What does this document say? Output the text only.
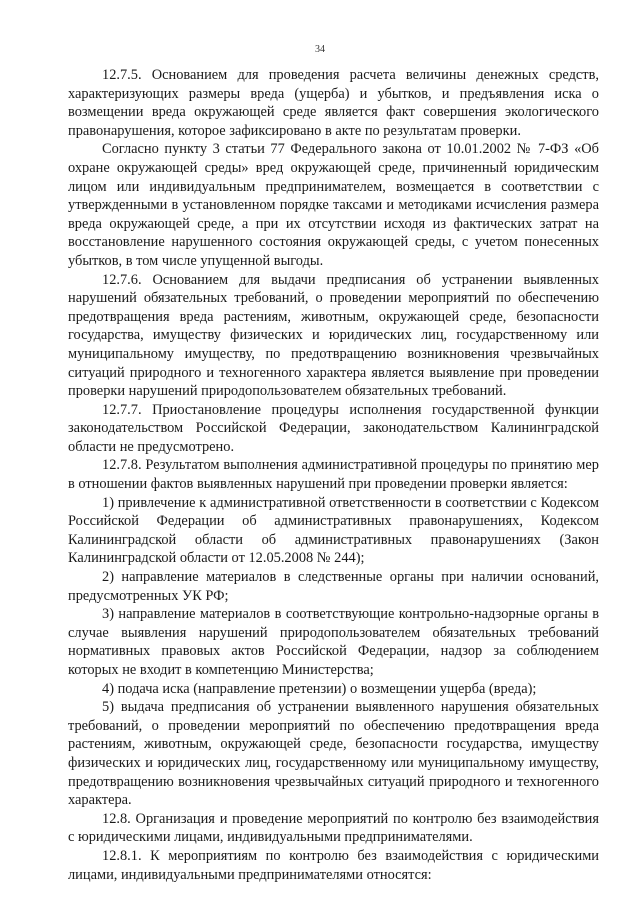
34

12.7.5. Основанием для проведения расчета величины денежных средств, характеризующих размеры вреда (ущерба) и убытков, и предъявления иска о возмещении вреда окружающей среде является факт совершения экологического правонарушения, которое зафиксировано в акте по результатам проверки.

Согласно пункту 3 статьи 77 Федерального закона от 10.01.2002 № 7-ФЗ «Об охране окружающей среды» вред окружающей среде, причиненный юридическим лицом или индивидуальным предпринимателем, возмещается в соответствии с утвержденными в установленном порядке таксами и методиками исчисления размера вреда окружающей среде, а при их отсутствии исходя из фактических затрат на восстановление нарушенного состояния окружающей среды, с учетом понесенных убытков, в том числе упущенной выгоды.

12.7.6. Основанием для выдачи предписания об устранении выявленных нарушений обязательных требований, о проведении мероприятий по обеспечению предотвращения вреда растениям, животным, окружающей среде, безопасности государства, имуществу физических и юридических лиц, государственному или муниципальному имуществу, по предотвращению возникновения чрезвычайных ситуаций природного и техногенного характера является выявление при проведении проверки нарушений природопользователем обязательных требований.

12.7.7. Приостановление процедуры исполнения государственной функции законодательством Российской Федерации, законодательством Калининградской области не предусмотрено.

12.7.8. Результатом выполнения административной процедуры по принятию мер в отношении фактов выявленных нарушений при проведении проверки является:

1) привлечение к административной ответственности в соответствии с Кодексом Российской Федерации об административных правонарушениях, Кодексом Калининградской области об административных правонарушениях (Закон Калининградской области от 12.05.2008 № 244);

2) направление материалов в следственные органы при наличии оснований, предусмотренных УК РФ;

3) направление материалов в соответствующие контрольно-надзорные органы в случае выявления нарушений природопользователем обязательных требований нормативных правовых актов Российской Федерации, надзор за соблюдением которых не входит в компетенцию Министерства;

4) подача иска (направление претензии) о возмещении ущерба (вреда);

5) выдача предписания об устранении выявленного нарушения обязательных требований, о проведении мероприятий по обеспечению предотвращения вреда растениям, животным, окружающей среде, безопасности государства, имуществу физических и юридических лиц, государственному или муниципальному имуществу, предотвращению возникновения чрезвычайных ситуаций природного и техногенного характера.

12.8. Организация и проведение мероприятий по контролю без взаимодействия с юридическими лицами, индивидуальными предпринимателями.

12.8.1. К мероприятиям по контролю без взаимодействия с юридическими лицами, индивидуальными предпринимателями относятся:
